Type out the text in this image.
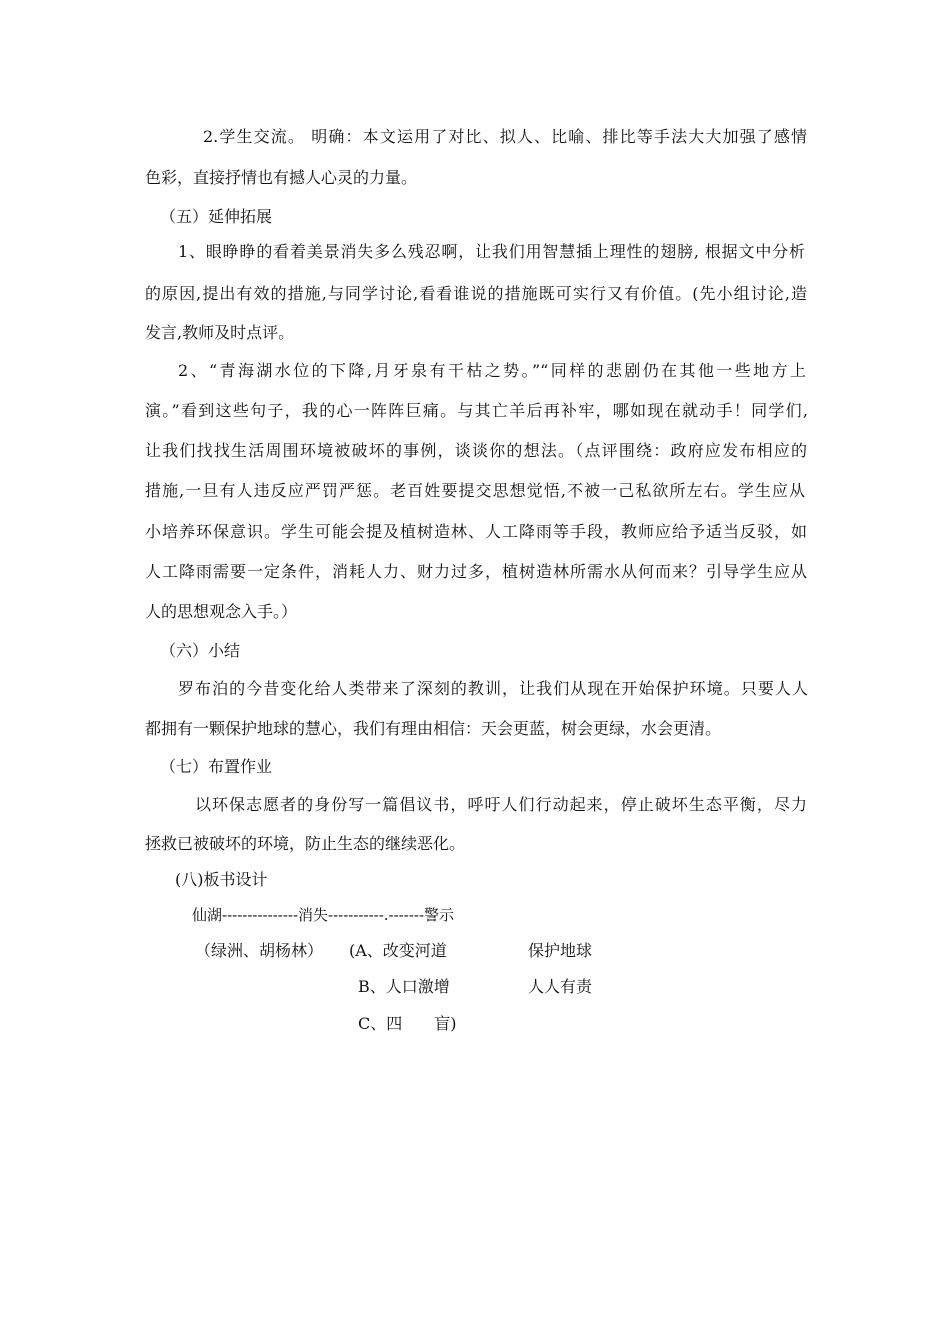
2.学生交流。 明确：本文运用了对比、拟人、比喻、排比等手法大大加强了感情
色彩，直接抒情也有撼人心灵的力量。
（五）延伸拓展
1、眼睁睁的看着美景消失多么残忍啊，让我们用智慧插上理性的翅膀, 根据文中分析
的原因,提出有效的措施,与同学讨论,看看谁说的措施既可实行又有价值。(先小组讨论,造
发言,教师及时点评。
2、“青海湖水位的下降,月牙泉有干枯之势。”“同样的悲剧仍在其他一些地方上
演。”看到这些句子，我的心一阵阵巨痛。与其亡羊后再补牢，哪如现在就动手！同学们,
让我们找找生活周围环境被破坏的事例，谈谈你的想法。（点评围绕：政府应发布相应的
措施,一旦有人违反应严罚严惩。老百姓要提交思想觉悟,不被一己私欲所左右。学生应从
小培养环保意识。学生可能会提及植树造林、人工降雨等手段，教师应给予适当反驳，如
人工降雨需要一定条件，消耗人力、财力过多，植树造林所需水从何而来？引导学生应从
人的思想观念入手。）
（六）小结
罗布泊的今昔变化给人类带来了深刻的教训，让我们从现在开始保护环境。只要人人
都拥有一颗保护地球的慧心，我们有理由相信：天会更蓝，树会更绿，水会更清。
（七）布置作业
以环保志愿者的身份写一篇倡议书，呼吁人们行动起来，停止破坏生态平衡，尽力
拯救已被破坏的环境，防止生态的继续恶化。
(八)板书设计
仙湖---------------消失-----------.-------警示
（绿洲、胡杨林） (A、改变河道	保护地球
B、人口激增	人人有责
C、四　　盲)
